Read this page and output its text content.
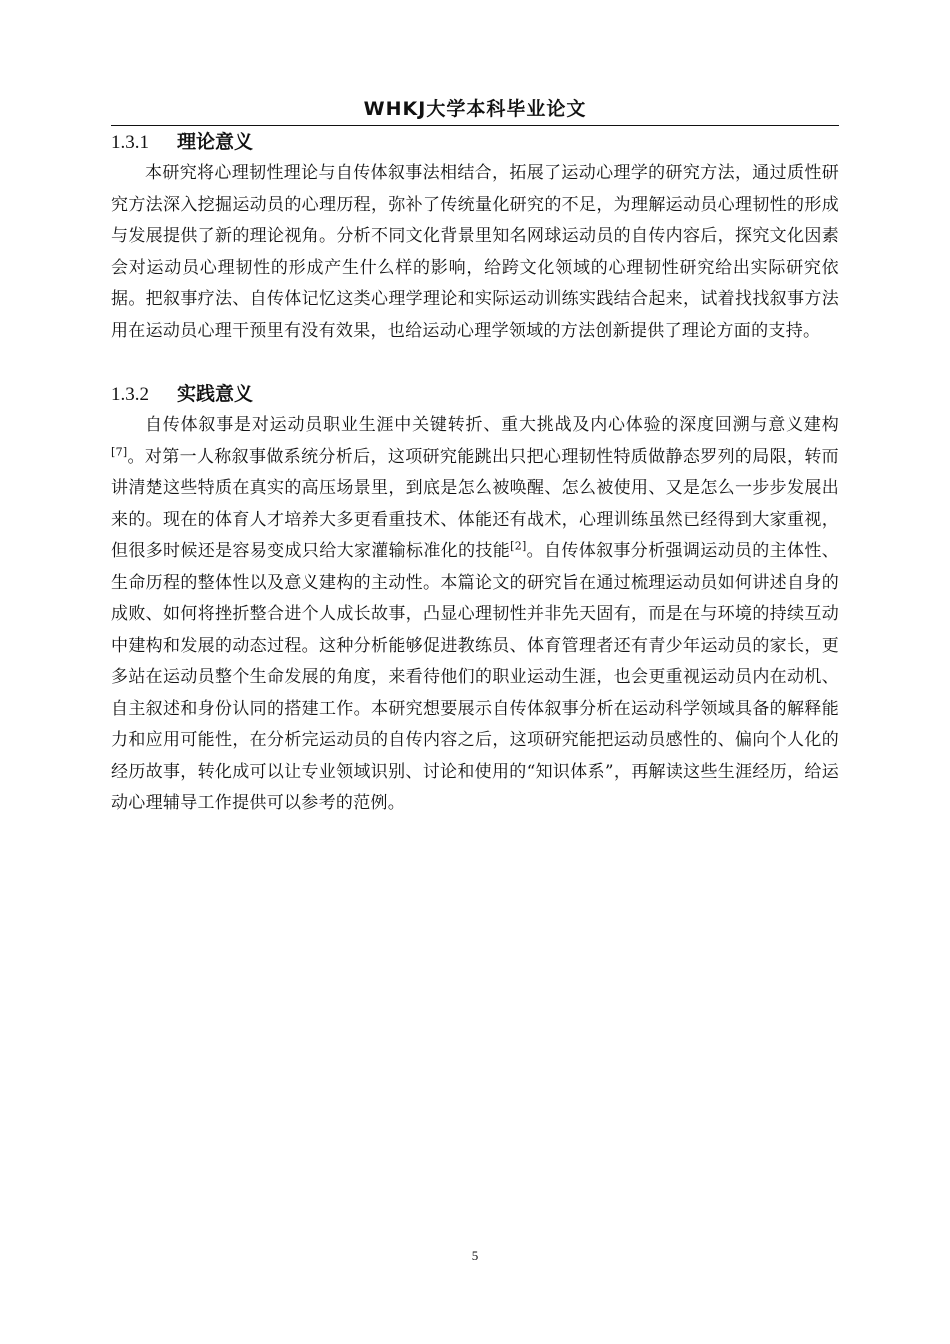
WHKJ大学本科毕业论文
1.3.1 理论意义

本研究将心理韧性理论与自传体叙事法相结合，拓展了运动心理学的研究方法，通过质性研究方法深入挖掘运动员的心理历程，弥补了传统量化研究的不足，为理解运动员心理韧性的形成与发展提供了新的理论视角。分析不同文化背景里知名网球运动员的自传内容后，探究文化因素会对运动员心理韧性的形成产生什么样的影响，给跨文化领域的心理韧性研究给出实际研究依据。把叙事疗法、自传体记忆这类心理学理论和实际运动训练实践结合起来，试着找找叙事方法用在运动员心理干预里有没有效果，也给运动心理学领域的方法创新提供了理论方面的支持。

1.3.2 实践意义

自传体叙事是对运动员职业生涯中关键转折、重大挑战及内心体验的深度回溯与意义建构[7]。对第一人称叙事做系统分析后，这项研究能跳出只把心理韧性特质做静态罗列的局限，转而讲清楚这些特质在真实的高压场景里，到底是怎么被唤醒、怎么被使用、又是怎么一步步发展出来的。现在的体育人才培养大多更看重技术、体能还有战术，心理训练虽然已经得到大家重视，但很多时候还是容易变成只给大家灌输标准化的技能[2]。自传体叙事分析强调运动员的主体性、生命历程的整体性以及意义建构的主动性。本篇论文的研究旨在通过梳理运动员如何讲述自身的成败、如何将挫折整合进个人成长故事，凸显心理韧性并非先天固有，而是在与环境的持续互动中建构和发展的动态过程。这种分析能够促进教练员、体育管理者还有青少年运动员的家长，更多站在运动员整个生命发展的角度，来看待他们的职业运动生涯，也会更重视运动员内在动机、自主叙述和身份认同的搭建工作。本研究想要展示自传体叙事分析在运动科学领域具备的解释能力和应用可能性，在分析完运动员的自传内容之后，这项研究能把运动员感性的、偏向个人化的经历故事，转化成可以让专业领域识别、讨论和使用的“知识体系”，再解读这些生涯经历，给运动心理辅导工作提供可以参考的范例。

5
